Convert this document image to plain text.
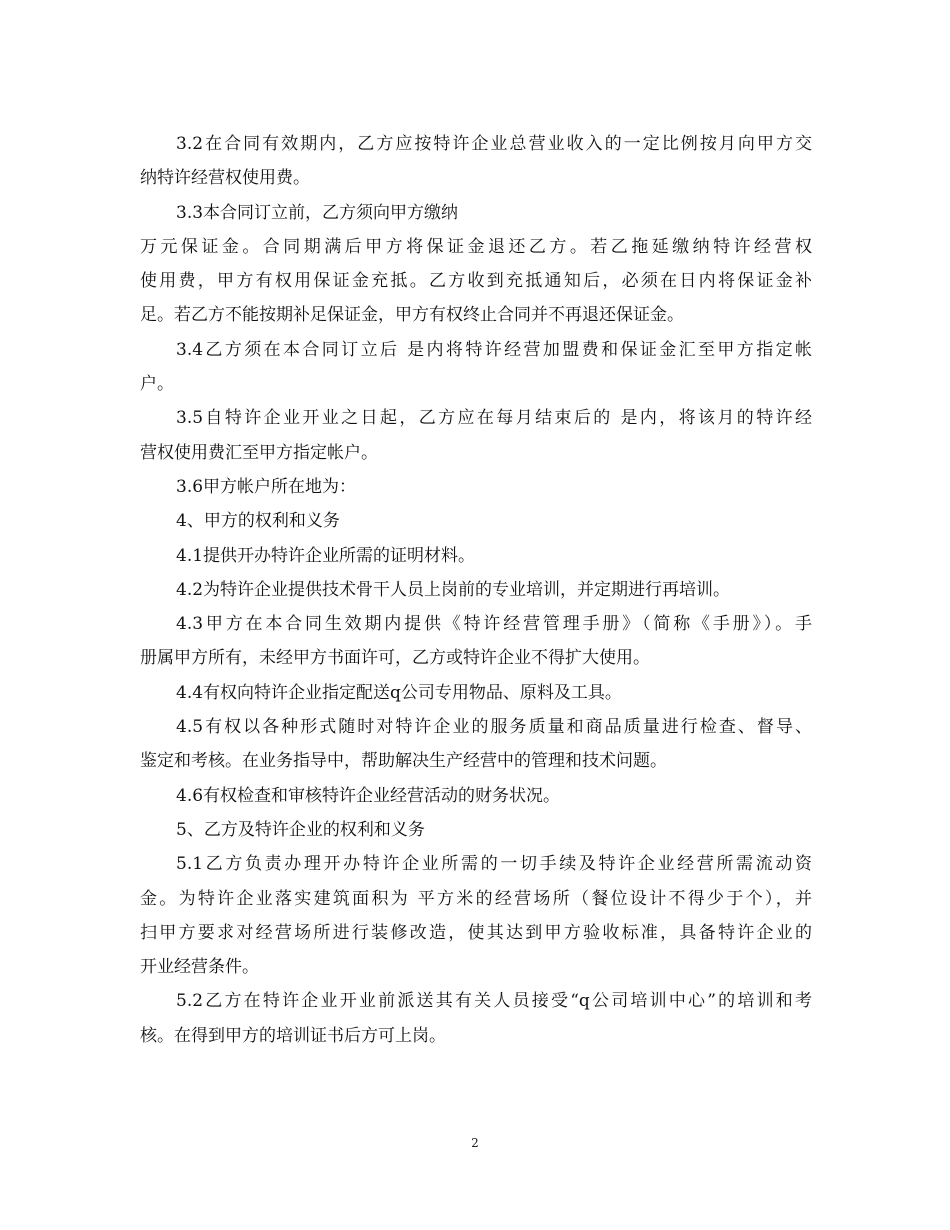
3.2在合同有效期内，乙方应按特许企业总营业收入的一定比例按月向甲方交
纳特许经营权使用费。
3.3本合同订立前，乙方须向甲方缴纳
万元保证金。合同期满后甲方将保证金退还乙方。若乙拖延缴纳特许经营权
使用费，甲方有权用保证金充抵。乙方收到充抵通知后，必须在日内将保证金补
足。若乙方不能按期补足保证金，甲方有权终止合同并不再退还保证金。
3.4乙方须在本合同订立后 是内将特许经营加盟费和保证金汇至甲方指定帐
户。
3.5自特许企业开业之日起，乙方应在每月结束后的 是内，将该月的特许经
营权使用费汇至甲方指定帐户。
3.6甲方帐户所在地为：
4、甲方的权利和义务
4.1提供开办特许企业所需的证明材料。
4.2为特许企业提供技术骨干人员上岗前的专业培训，并定期进行再培训。
4.3甲方在本合同生效期内提供《特许经营管理手册》（简称《手册》）。手
册属甲方所有，未经甲方书面许可，乙方或特许企业不得扩大使用。
4.4有权向特许企业指定配送q公司专用物品、原料及工具。
4.5有权以各种形式随时对特许企业的服务质量和商品质量进行检查、督导、
鉴定和考核。在业务指导中，帮助解决生产经营中的管理和技术问题。
4.6有权检查和审核特许企业经营活动的财务状况。
5、乙方及特许企业的权利和义务
5.1乙方负责办理开办特许企业所需的一切手续及特许企业经营所需流动资
金。为特许企业落实建筑面积为 平方米的经营场所（餐位设计不得少于个），并
扫甲方要求对经营场所进行装修改造，使其达到甲方验收标准，具备特许企业的
开业经营条件。
5.2乙方在特许企业开业前派送其有关人员接受“q公司培训中心”的培训和考
核。在得到甲方的培训证书后方可上岗。
2
